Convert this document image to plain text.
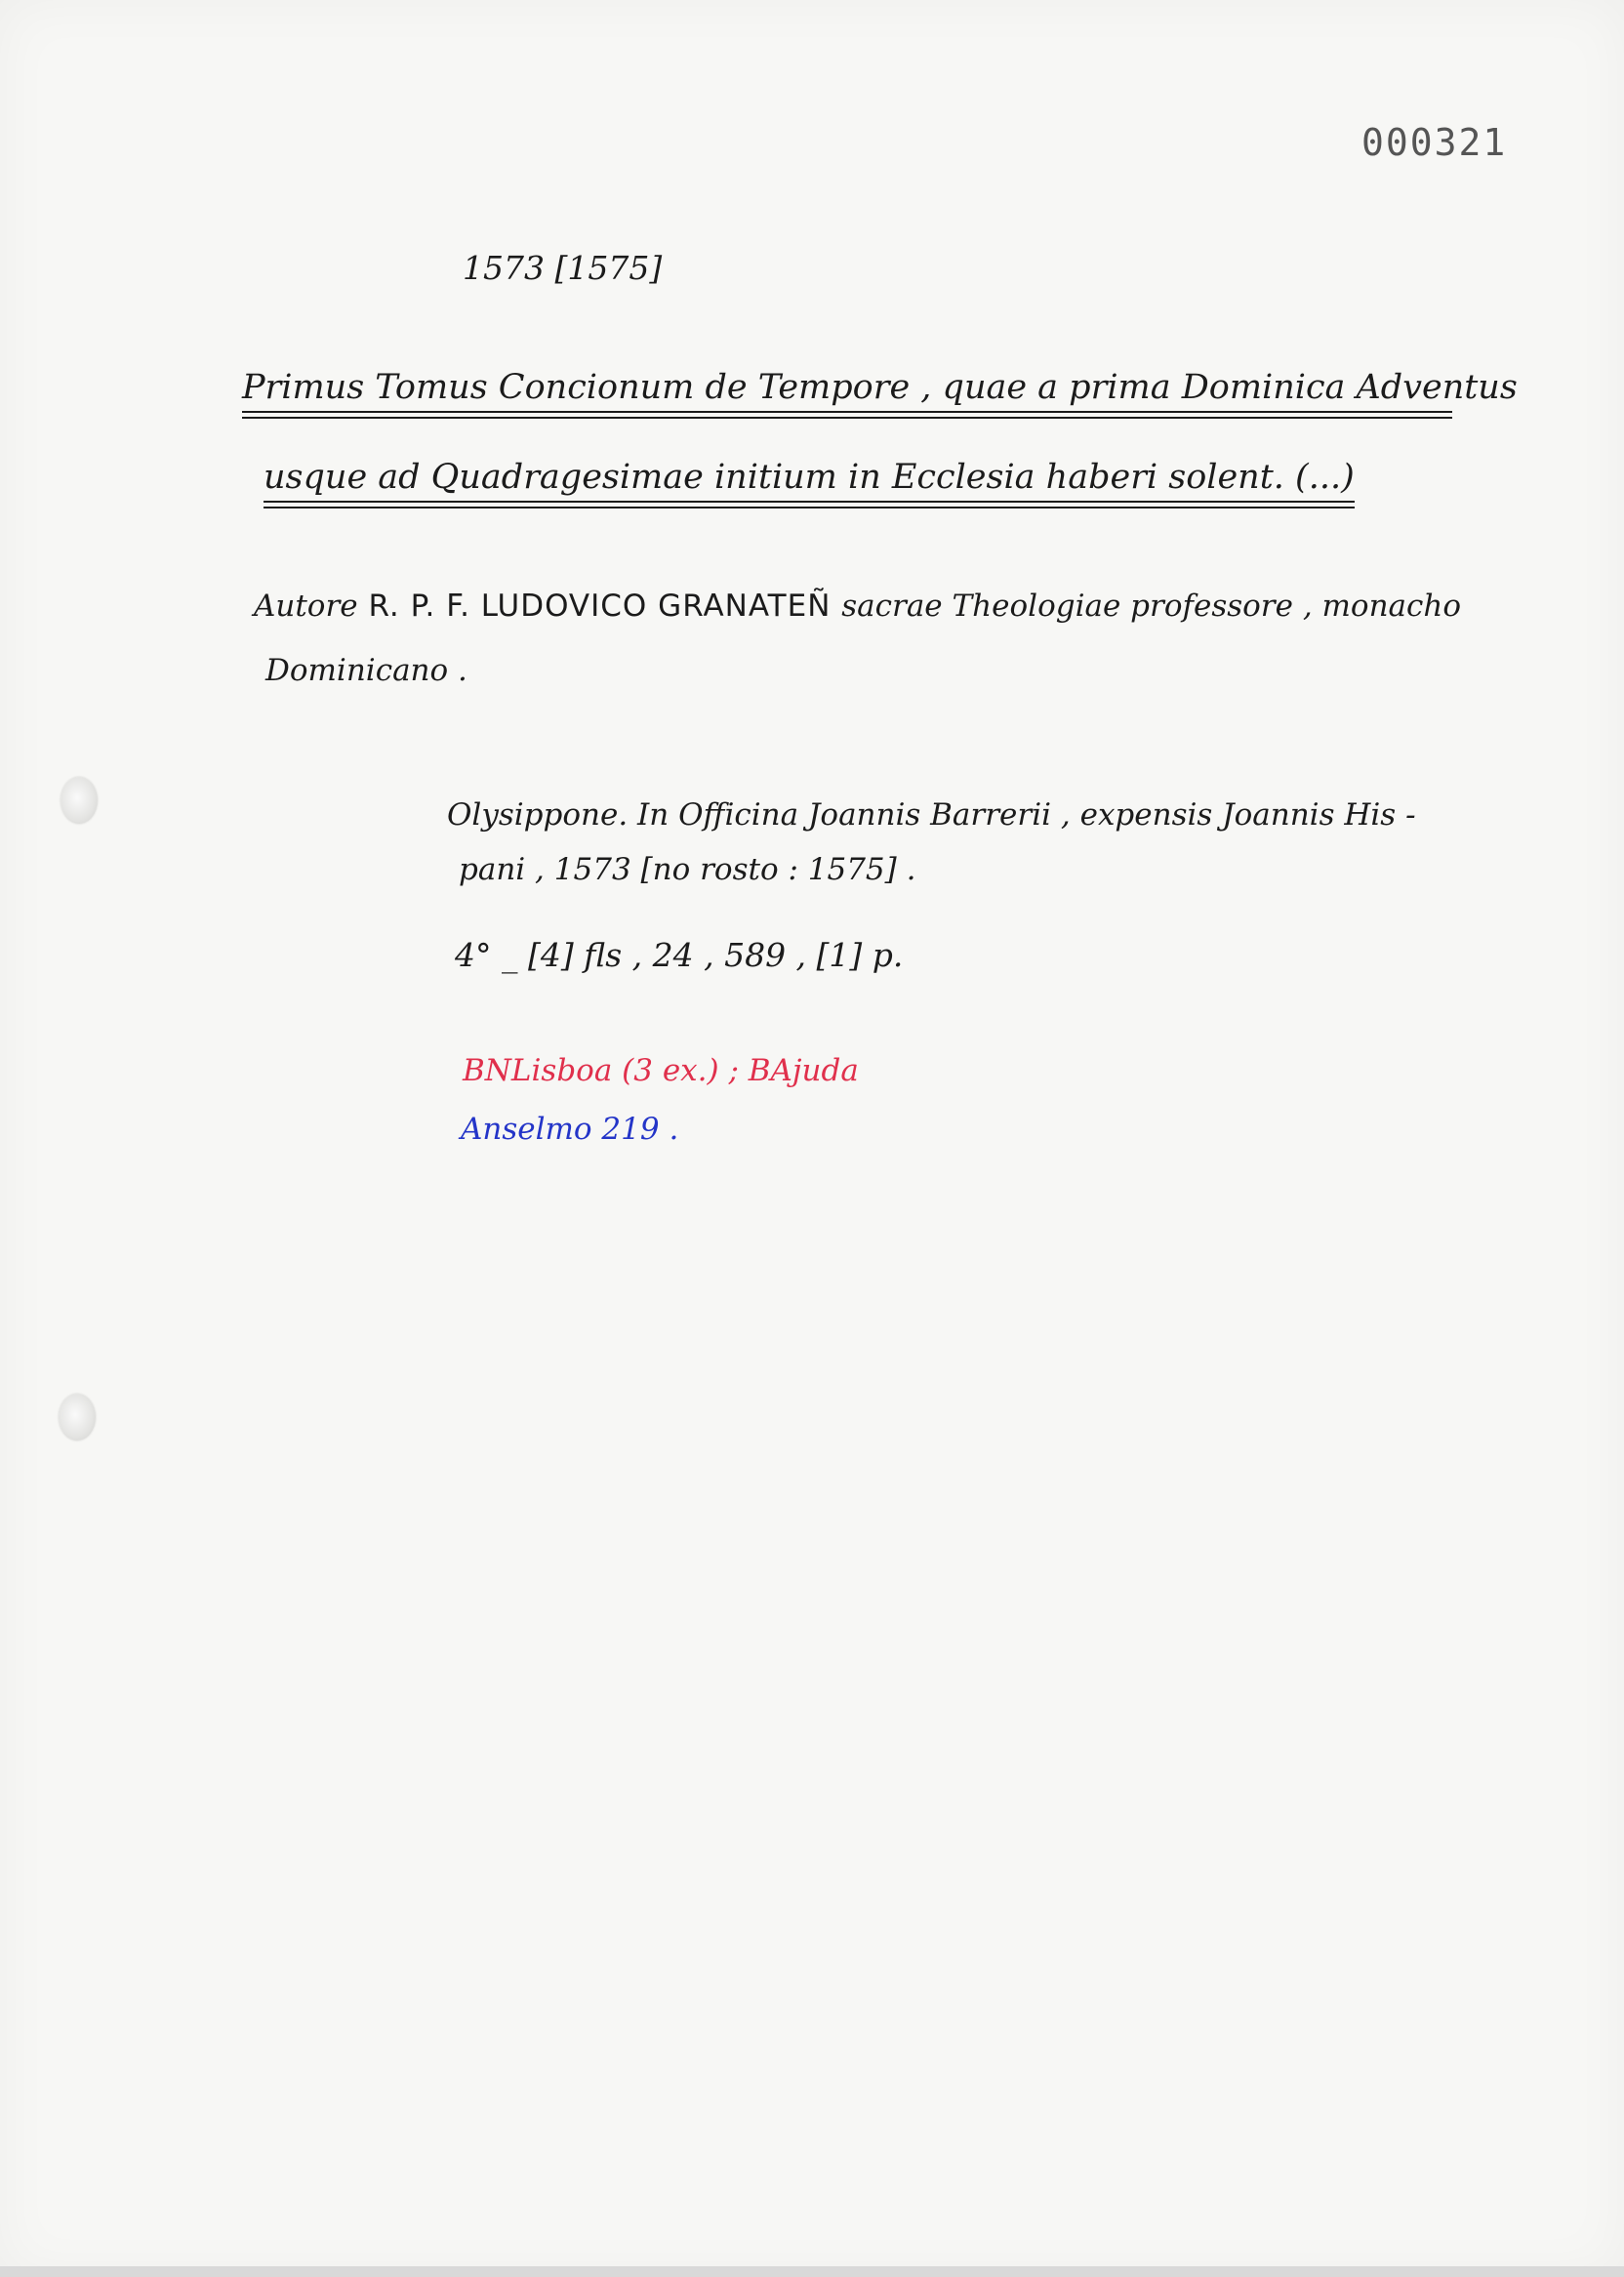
000321
1573 [1575]
Primus Tomus Concionum de Tempore , quae a prima Dominica Adventus
usque ad Quadragesimae initium in Ecclesia haberi solent. (...)
Autore R. P. F. LUDOVICO GRANATEÑ sacrae Theologiae professore , monacho
Dominicano .
Olysippone. In Officina Joannis Barrerii , expensis Joannis His -
pani , 1573 [no rosto : 1575] .
4° _ [4] fls , 24 , 589 , [1] p.
BNLisboa (3 ex.) ; BAjuda
Anselmo 219 .
